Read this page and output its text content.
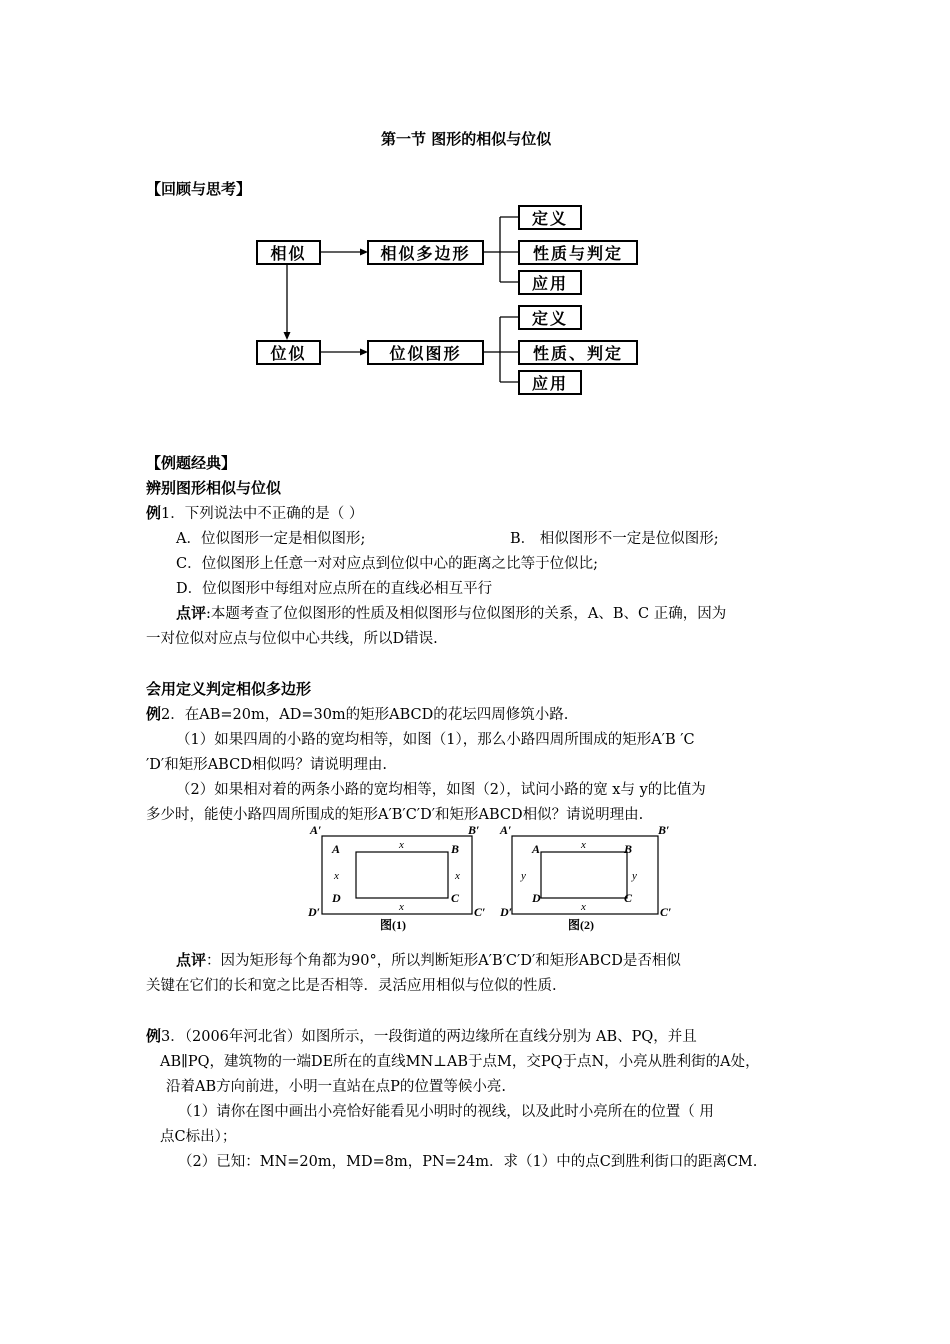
第一节 图形的相似与位似
【回顾与思考】
相似	相似多边形
定义
性质与判定
应用
位似	位似图形
定义
性质、判定
应用
【例题经典】
辨别图形相似与位似
例1．下列说法中不正确的是（ ）
A．位似图形一定是相似图形;	B． 相似图形不一定是位似图形;
C．位似图形上任意一对对应点到位似中心的距离之比等于位似比;
D．位似图形中每组对应点所在的直线必相互平行
点评:本题考查了位似图形的性质及相似图形与位似图形的关系，A、B、C 正确，因为
一对位似对应点与位似中心共线，所以D错误.
会用定义判定相似多边形
例2．在AB=20m，AD=30m的矩形ABCD的花坛四周修筑小路.
（1）如果四周的小路的宽均相等，如图（1），那么小路四周所围成的矩形A′B ′C
′D′和矩形ABCD相似吗？请说明理由.
（2）如果相对着的两条小路的宽均相等，如图（2），试问小路的宽 x与 y的比值为
多少时，能使小路四周所围成的矩形A′B′C′D′和矩形ABCD相似？请说明理由.
A′	B′
D′	C′
A	B
D	C
A′	B′
D′	C′
A	B
D	C
x
x
x	x
x
x
y	y
图(1)	图(2)
点评：因为矩形每个角都为90°，所以判断矩形A′B′C′D′和矩形ABCD是否相似
关键在它们的长和宽之比是否相等．灵活应用相似与位似的性质.
例3．（2006年河北省）如图所示，一段街道的两边缘所在直线分别为 AB、PQ，并且
AB∥PQ，建筑物的一端DE所在的直线MN⊥AB于点M，交PQ于点N，小亮从胜利街的A处，
沿着AB方向前进，小明一直站在点P的位置等候小亮.
（1）请你在图中画出小亮恰好能看见小明时的视线，以及此时小亮所在的位置（ 用
点C标出）；
（2）已知：MN=20m，MD=8m，PN=24m．求（1）中的点C到胜利街口的距离CM.
